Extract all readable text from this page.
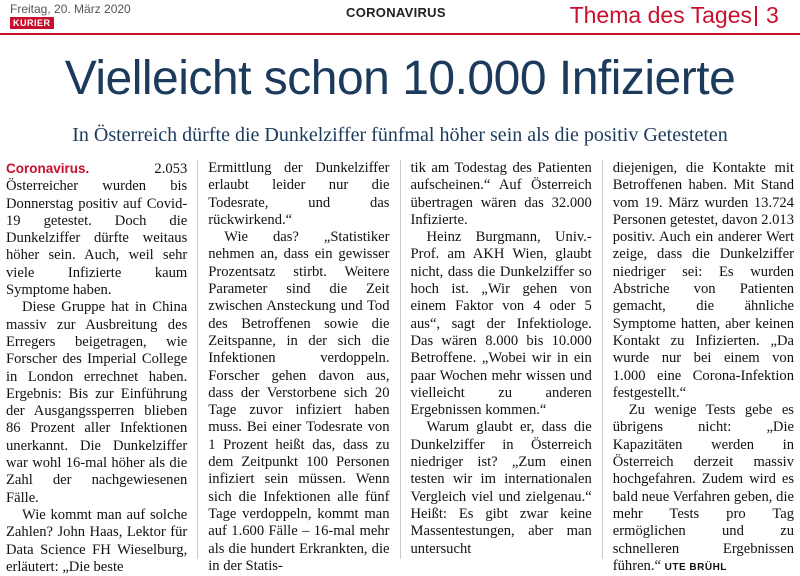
Freitag, 20. März 2020
KURIER
CORONAVIRUS	Thema des Tages 3
Vielleicht schon 10.000 Infizierte
In Österreich dürfte die Dunkelziffer fünfmal höher sein als die positiv Getesteten

Coronavirus. 2.053 Österreicher wurden bis Donnerstag positiv auf Covid-19 getestet. Doch die Dunkelziffer dürfte weitaus höher sein. Auch, weil sehr viele Infizierte kaum Symptome haben.

Diese Gruppe hat in China massiv zur Ausbreitung des Erregers beigetragen, wie Forscher des Imperial College in London errechnet haben. Ergebnis: Bis zur Einführung der Ausgangssperren blieben 86 Prozent aller Infektionen unerkannt. Die Dunkelziffer war wohl 16-mal höher als die Zahl der nachgewiesenen Fälle.

Wie kommt man auf solche Zahlen? John Haas, Lektor für Data Science FH Wieselburg, erläutert: „Die beste

Ermittlung der Dunkelziffer erlaubt leider nur die Todesrate, und das rückwirkend.“

Wie das? „Statistiker nehmen an, dass ein gewisser Prozentsatz stirbt. Weitere Parameter sind die Zeit zwischen Ansteckung und Tod des Betroffenen sowie die Zeitspanne, in der sich die Infektionen verdoppeln. Forscher gehen davon aus, dass der Verstorbene sich 20 Tage zuvor infiziert haben muss. Bei einer Todesrate von 1 Prozent heißt das, dass zu dem Zeitpunkt 100 Personen infiziert sein müssen. Wenn sich die Infektionen alle fünf Tage verdoppeln, kommt man auf 1.600 Fälle – 16-mal mehr als die hundert Erkrankten, die in der Statis-

tik am Todestag des Patienten aufscheinen.“ Auf Österreich übertragen wären das 32.000 Infizierte.

Heinz Burgmann, Univ.-Prof. am AKH Wien, glaubt nicht, dass die Dunkelziffer so hoch ist. „Wir gehen von einem Faktor von 4 oder 5 aus“, sagt der Infektiologe. Das wären 8.000 bis 10.000 Betroffene. „Wobei wir in ein paar Wochen mehr wissen und vielleicht zu anderen Ergebnissen kommen.“

Warum glaubt er, dass die Dunkelziffer in Österreich niedriger ist? „Zum einen testen wir im internationalen Vergleich viel und zielgenau.“ Heißt: Es gibt zwar keine Massentestungen, aber man untersucht

diejenigen, die Kontakte mit Betroffenen haben. Mit Stand vom 19. März wurden 13.724 Personen getestet, davon 2.013 positiv. Auch ein anderer Wert zeige, dass die Dunkelziffer niedriger sei: Es wurden Abstriche von Patienten gemacht, die ähnliche Symptome hatten, aber keinen Kontakt zu Infizierten. „Da wurde nur bei einem von 1.000 eine Corona-Infektion festgestellt.“

Zu wenige Tests gebe es übrigens nicht: „Die Kapazitäten werden in Österreich derzeit massiv hochgefahren. Zudem wird es bald neue Verfahren geben, die mehr Tests pro Tag ermöglichen und zu schnelleren Ergebnissen führen.“ UTE BRÜHL
